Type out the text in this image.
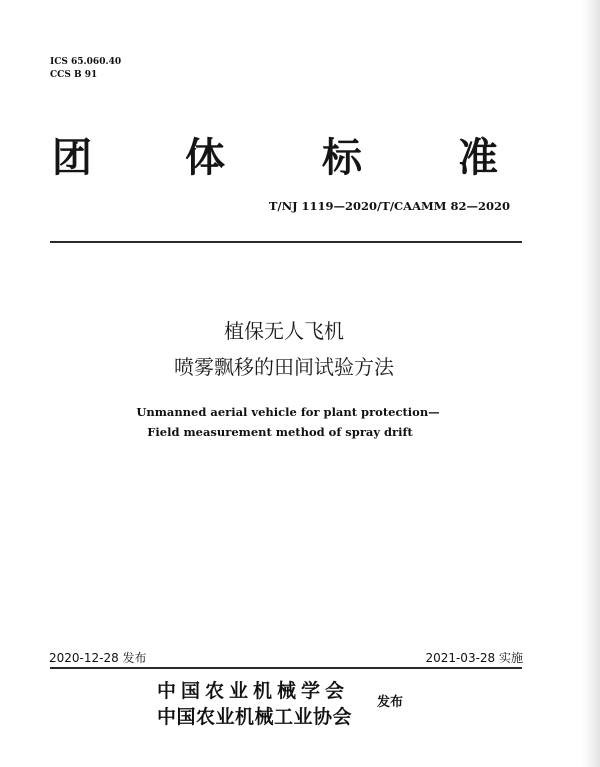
ICS 65.060.40
CCS B 91
团 体 标 准
T/NJ 1119—2020/T/CAAMM 82—2020
植保无人飞机
喷雾飘移的田间试验方法
Unmanned aerial vehicle for plant protection—
Field measurement method of spray drift
2020-12-28 发布	2021-03-28 实施
中国农业机械学会
中国农业机械工业协会
发布
